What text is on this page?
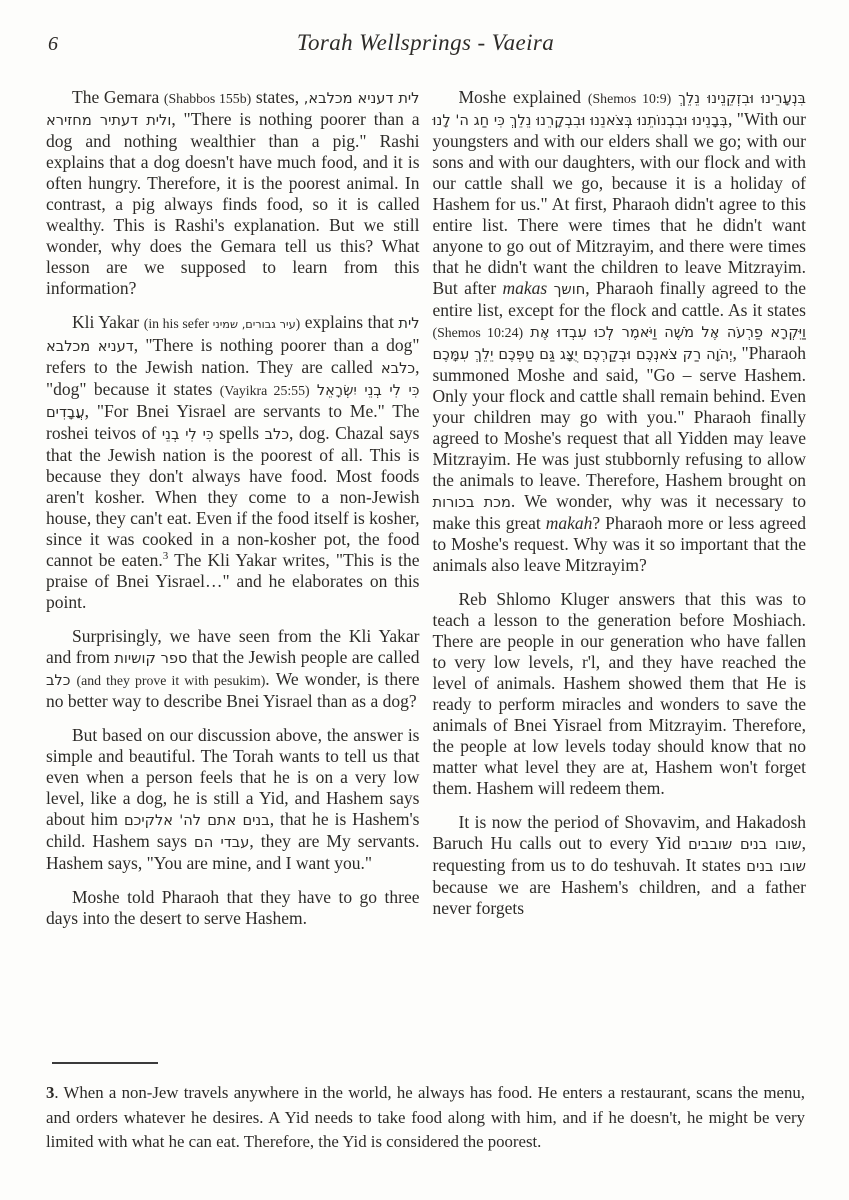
6	Torah Wellsprings - Vaeira

The Gemara (Shabbos 155b) states, לית דעניא מכלבא, ולית דעתיר מחזירא, "There is nothing poorer than a dog and nothing wealthier than a pig." Rashi explains that a dog doesn't have much food, and it is often hungry. Therefore, it is the poorest animal. In contrast, a pig always finds food, so it is called wealthy. This is Rashi's explanation. But we still wonder, why does the Gemara tell us this? What lesson are we supposed to learn from this information?

Kli Yakar (in his sefer עיר גבורים, שמיני) explains that לית דעניא מכלבא, "There is nothing poorer than a dog" refers to the Jewish nation. They are called כלבא, "dog" because it states (Vayikra 25:55) כִּי לִי בְנֵי יִשְׂרָאֵל עֲבָדִים, "For Bnei Yisrael are servants to Me." The roshei teivos of כִּי לִי בְנֵי spells כלב, dog. Chazal says that the Jewish nation is the poorest of all. This is because they don't always have food. Most foods aren't kosher. When they come to a non-Jewish house, they can't eat. Even if the food itself is kosher, since it was cooked in a non-kosher pot, the food cannot be eaten.$^3$ The Kli Yakar writes, "This is the praise of Bnei Yisrael…" and he elaborates on this point.

Surprisingly, we have seen from the Kli Yakar and from ספר קושיות that the Jewish people are called כלב (and they prove it with pesukim). We wonder, is there no better way to describe Bnei Yisrael than as a dog?

But based on our discussion above, the answer is simple and beautiful. The Torah wants to tell us that even when a person feels that he is on a very low level, like a dog, he is still a Yid, and Hashem says about him בנים אתם לה' אלקיכם, that he is Hashem's child. Hashem says עבדי הם, they are My servants. Hashem says, "You are mine, and I want you."

Moshe told Pharaoh that they have to go three days into the desert to serve Hashem.

Moshe explained (Shemos 10:9) בִּנְעָרֵינוּ וּבִזְקֵנֵינוּ נֵלֵךְ בְּבָנֵינוּ וּבִבְנוֹתֵנוּ בְּצֹאנֵנוּ וּבִבְקָרֵנוּ נֵלֵךְ כִּי חַג ה' לָנוּ, "With our youngsters and with our elders shall we go; with our sons and with our daughters, with our flock and with our cattle shall we go, because it is a holiday of Hashem for us." At first, Pharaoh didn't agree to this entire list. There were times that he didn't want anyone to go out of Mitzrayim, and there were times that he didn't want the children to leave Mitzrayim. But after makas חושך, Pharaoh finally agreed to the entire list, except for the flock and cattle. As it states (Shemos 10:24) וַיִּקְרָא פַרְעֹה אֶל מֹשֶׁה וַיֹּאמֶר לְכוּ עִבְדוּ אֶת יְהֹוָה רַק צֹאנְכֶם וּבְקַרְכֶם יֻצָּג גַּם טַפְּכֶם יֵלֵךְ עִמָּכֶם, "Pharaoh summoned Moshe and said, "Go – serve Hashem. Only your flock and cattle shall remain behind. Even your children may go with you." Pharaoh finally agreed to Moshe's request that all Yidden may leave Mitzrayim. He was just stubbornly refusing to allow the animals to leave. Therefore, Hashem brought on מכת בכורות. We wonder, why was it necessary to make this great makah? Pharaoh more or less agreed to Moshe's request. Why was it so important that the animals also leave Mitzrayim?

Reb Shlomo Kluger answers that this was to teach a lesson to the generation before Moshiach. There are people in our generation who have fallen to very low levels, r'l, and they have reached the level of animals. Hashem showed them that He is ready to perform miracles and wonders to save the animals of Bnei Yisrael from Mitzrayim. Therefore, the people at low levels today should know that no matter what level they are at, Hashem won't forget them. Hashem will redeem them.

It is now the period of Shovavim, and Hakadosh Baruch Hu calls out to every Yid שובו בנים שובבים, requesting from us to do teshuvah. It states שובו בנים because we are Hashem's children, and a father never forgets

3. When a non-Jew travels anywhere in the world, he always has food. He enters a restaurant, scans the menu, and orders whatever he desires. A Yid needs to take food along with him, and if he doesn't, he might be very limited with what he can eat. Therefore, the Yid is considered the poorest.
